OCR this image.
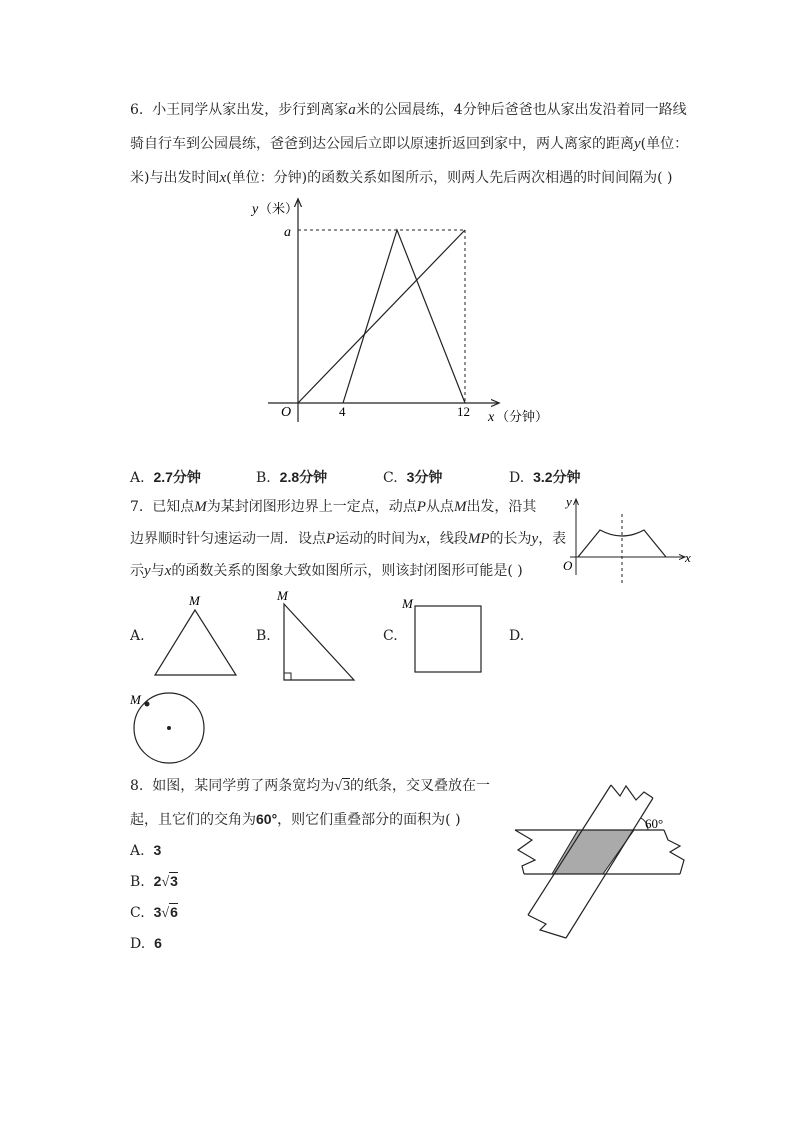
6. 小王同学从家出发，步行到离家a米的公园晨练，4分钟后爸爸也从家出发沿着同一路线
骑自行车到公园晨练，爸爸到达公园后立即以原速折返回到家中，两人离家的距离y(单位：
米)与出发时间x(单位：分钟)的函数关系如图所示，则两人先后两次相遇的时间间隔为( )
y （米）
a
O	4	12 x （分钟）
A. 2.7分钟	B. 2.8分钟	C. 3分钟	D. 3.2分钟
7. 已知点M为某封闭图形边界上一定点，动点P从点M出发，沿其
边界顺时针匀速运动一周．设点P运动的时间为x，线段MP的长为y，表
示y与x的函数关系的图象大致如图所示，则该封闭图形可能是( )
y
x
O
A.
M
B.
M
C.
M
D.
M
8. 如图，某同学剪了两条宽均为√3的纸条，交叉叠放在一
起，且它们的交角为60°，则它们重叠部分的面积为( )
A. 3
B. 2√3
C. 3√6
D. 6
60°
